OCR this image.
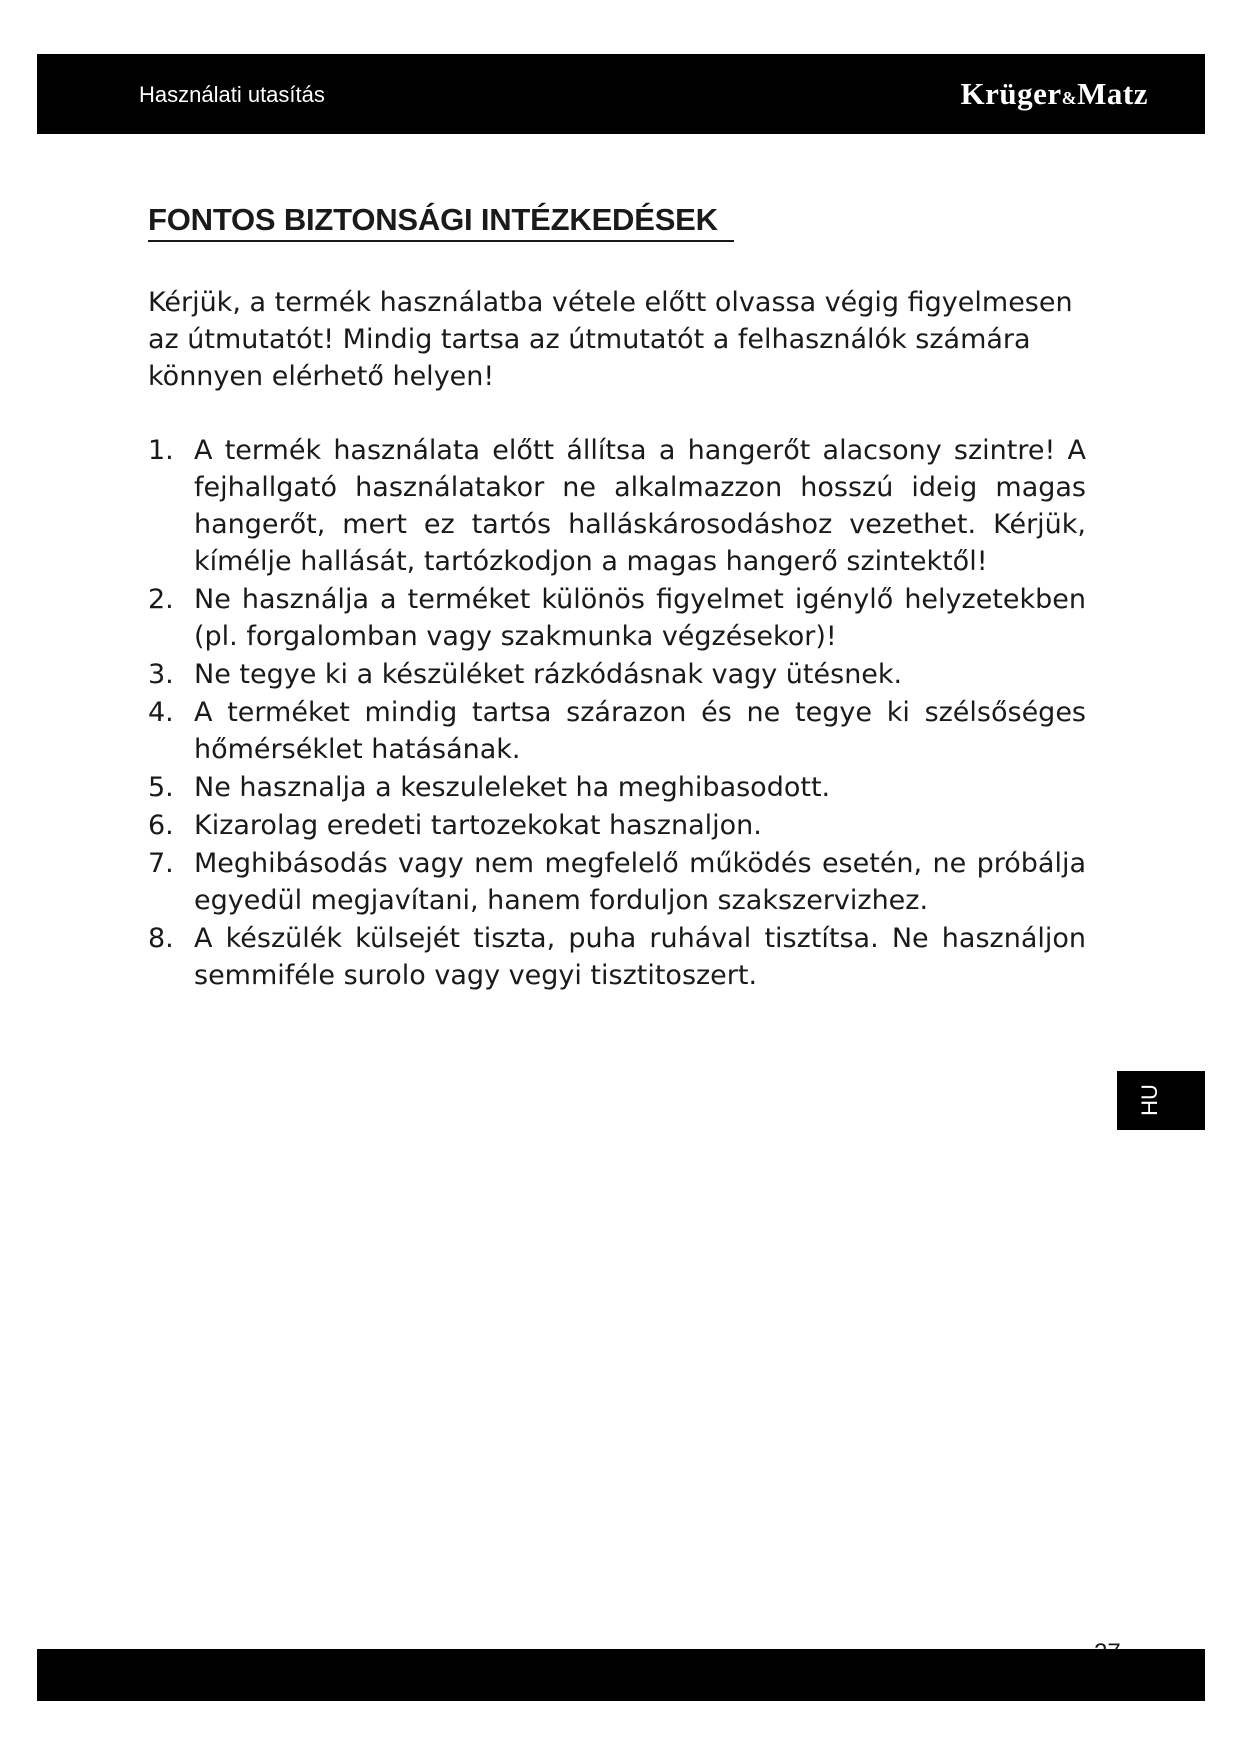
Használati utasítás	Krüger&Matz
FONTOS BIZTONSÁGI INTÉZKEDÉSEK

Kérjük, a termék használatba vétele előtt olvassa végig figyelmesen az útmutatót! Mindig tartsa az útmutatót a felhasználók számára könnyen elérhető helyen!

1. A termék használata előtt állítsa a hangerőt alacsony szintre! A fejhallgató használatakor ne alkalmazzon hosszú ideig magas hangerőt, mert ez tartós halláskárosodáshoz vezethet. Kérjük, kímélje hallását, tartózkodjon a magas hangerő szintektől!
2. Ne használja a terméket különös figyelmet igénylő helyzetekben (pl. forgalomban vagy szakmunka végzésekor)!
3. Ne tegye ki a készüléket rázkódásnak vagy ütésnek.
4. A terméket mindig tartsa szárazon és ne tegye ki szélsőséges hőmérséklet hatásának.
5. Ne hasznalja a keszuleleket ha meghibasodott.
6. Kizarolag eredeti tartozekokat hasznaljon.
7. Meghibásodás vagy nem megfelelő működés esetén, ne próbálja egyedül megjavítani, hanem forduljon szakszervizhez.
8. A készülék külsejét tiszta, puha ruhával tisztítsa. Ne használjon semmiféle surolo vagy vegyi tisztitoszert.
HU
